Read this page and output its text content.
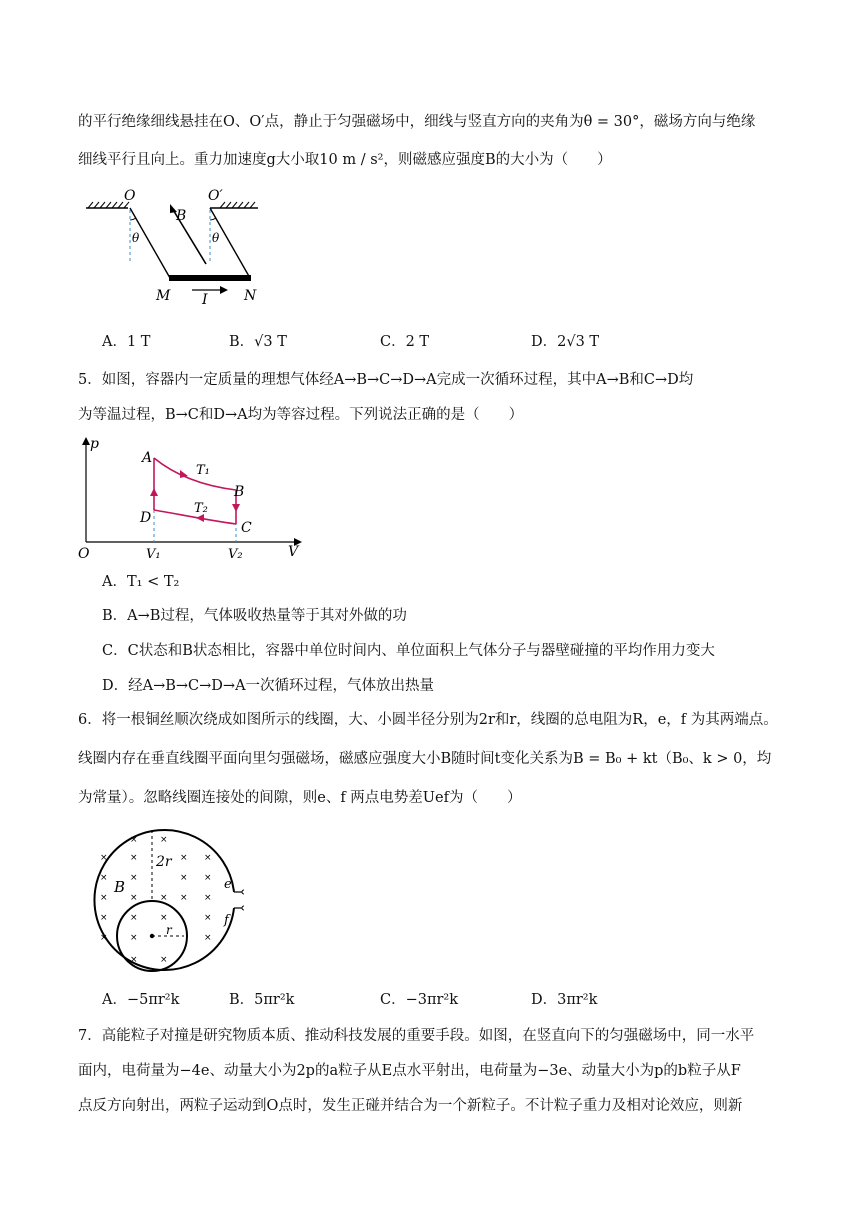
的平行绝缘细线悬挂在O、O′点，静止于匀强磁场中，细线与竖直方向的夹角为θ = 30°，磁场方向与绝缘
细线平行且向上。重力加速度g大小取10 m / s²，则磁感应强度B的大小为（　　）
O	O′
B
θ	θ
M I	N
A．1 T	B．√3 T	C．2 T	D．2√3 T
5．如图，容器内一定质量的理想气体经A→B→C→D→A完成一次循环过程，其中A→B和C→D均
为等温过程，B→C和D→A均为等容过程。下列说法正确的是（　　）
p
V
O
A
B
C
D
T₁
T₂
V₁	V₂
A．T₁ < T₂
B．A→B过程，气体吸收热量等于其对外做的功
C．C状态和B状态相比，容器中单位时间内、单位面积上气体分子与器壁碰撞的平均作用力变大
D．经A→B→C→D→A一次循环过程，气体放出热量
6．将一根铜丝顺次绕成如图所示的线圈，大、小圆半径分别为2r和r，线圈的总电阻为R，e，f 为其两端点。
线圈内存在垂直线圈平面向里匀强磁场，磁感应强度大小B随时间t变化关系为B = B₀ + kt（B₀、k > 0，均
为常量）。忽略线圈连接处的间隙，则e、f 两点电势差Uef为（　　）
× ×
× ×	× ×
× ×	× ×
× × × × ×
× × ×	×
× ×	×
× ×
2r
B
r
e
f
A．−5πr²k	B．5πr²k	C．−3πr²k	D．3πr²k
7．高能粒子对撞是研究物质本质、推动科技发展的重要手段。如图，在竖直向下的匀强磁场中，同一水平
面内，电荷量为−4e、动量大小为2p的a粒子从E点水平射出，电荷量为−3e、动量大小为p的b粒子从F
点反方向射出，两粒子运动到O点时，发生正碰并结合为一个新粒子。不计粒子重力及相对论效应，则新
